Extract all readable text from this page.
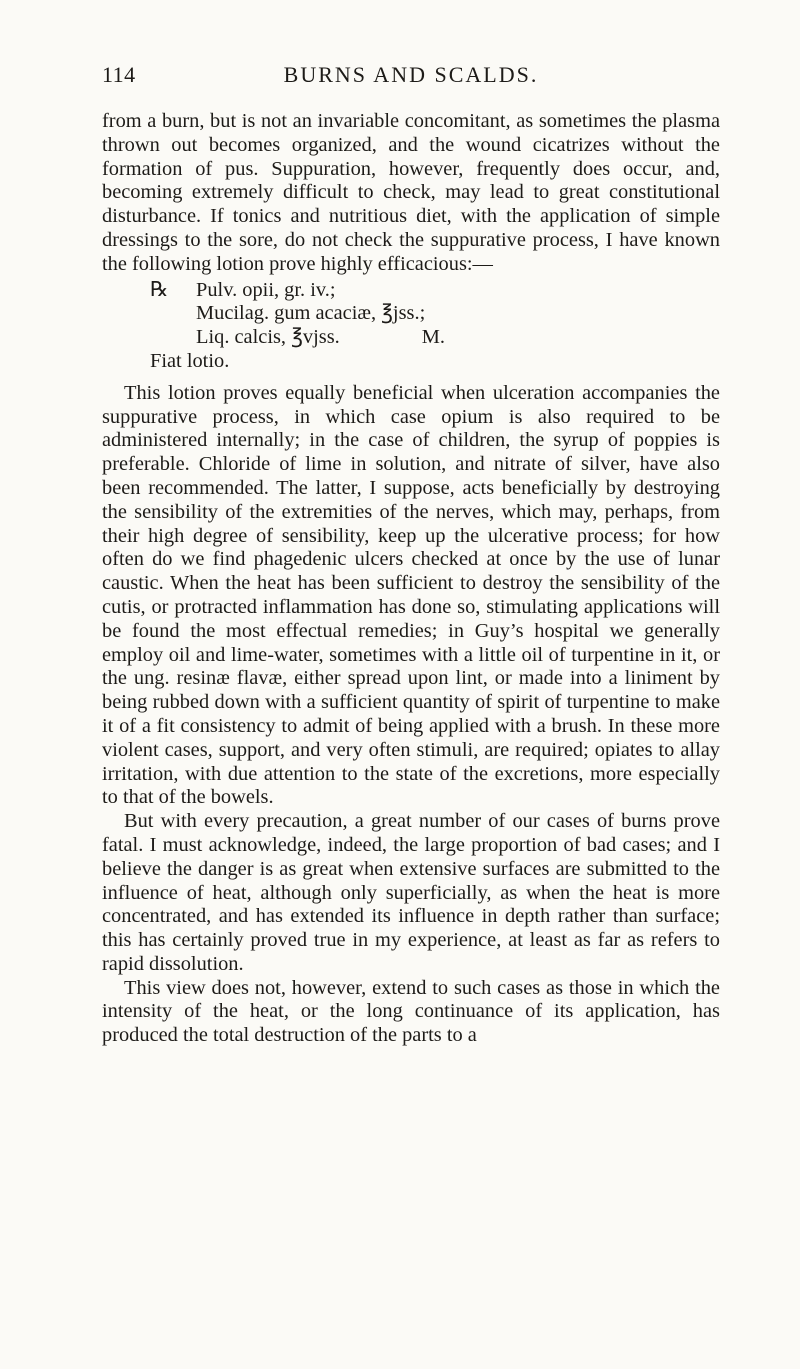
114	BURNS AND SCALDS.

from a burn, but is not an invariable concomitant, as sometimes the plasma thrown out becomes organized, and the wound cicatrizes without the formation of pus. Suppuration, however, frequently does occur, and, becoming extremely difficult to check, may lead to great constitutional disturbance. If tonics and nutritious diet, with the application of simple dressings to the sore, do not check the suppurative process, I have known the following lotion prove highly efficacious:—

℞	Pulv. opii, gr. iv.;
Mucilag. gum acaciæ, ℥jss.;
Liq. calcis, ℥vjss.	M.
Fiat lotio.

This lotion proves equally beneficial when ulceration accompanies the suppurative process, in which case opium is also required to be administered internally; in the case of children, the syrup of poppies is preferable. Chloride of lime in solution, and nitrate of silver, have also been recommended. The latter, I suppose, acts beneficially by destroying the sensibility of the extremities of the nerves, which may, perhaps, from their high degree of sensibility, keep up the ulcerative process; for how often do we find phagedenic ulcers checked at once by the use of lunar caustic. When the heat has been sufficient to destroy the sensibility of the cutis, or protracted inflammation has done so, stimulating applications will be found the most effectual remedies; in Guy’s hospital we generally employ oil and lime-water, sometimes with a little oil of turpentine in it, or the ung. resinæ flavæ, either spread upon lint, or made into a liniment by being rubbed down with a sufficient quantity of spirit of turpentine to make it of a fit consistency to admit of being applied with a brush. In these more violent cases, support, and very often stimuli, are required; opiates to allay irritation, with due attention to the state of the excretions, more especially to that of the bowels.

But with every precaution, a great number of our cases of burns prove fatal. I must acknowledge, indeed, the large proportion of bad cases; and I believe the danger is as great when extensive surfaces are submitted to the influence of heat, although only superficially, as when the heat is more concentrated, and has extended its influence in depth rather than surface; this has certainly proved true in my experience, at least as far as refers to rapid dissolution.

This view does not, however, extend to such cases as those in which the intensity of the heat, or the long continuance of its application, has produced the total destruction of the parts to a
